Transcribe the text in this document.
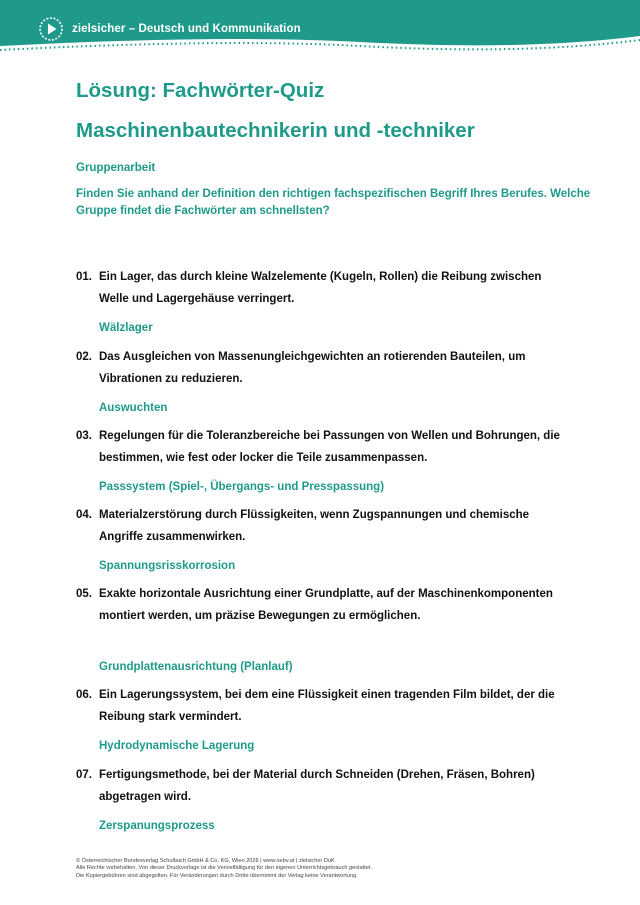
zielsicher – Deutsch und Kommunikation
Lösung: Fachwörter-Quiz
Maschinenbautechnikerin und -techniker

Gruppenarbeit

Finden Sie anhand der Definition den richtigen fachspezifischen Begriff Ihres Berufes. Welche Gruppe findet die Fachwörter am schnellsten?

01. Ein Lager, das durch kleine Walzelemente (Kugeln, Rollen) die Reibung zwischen Welle und Lagergehäuse verringert.

Wälzlager
02. Das Ausgleichen von Massenungleichgewichten an rotierenden Bauteilen, um Vibrationen zu reduzieren.

Auswuchten
03. Regelungen für die Toleranzbereiche bei Passungen von Wellen und Bohrungen, die bestimmen, wie fest oder locker die Teile zusammenpassen.

Passsystem (Spiel-, Übergangs- und Presspassung)
04. Materialzerstörung durch Flüssigkeiten, wenn Zugspannungen und chemische Angriffe zusammenwirken.

Spannungsrisskorrosion
05. Exakte horizontale Ausrichtung einer Grundplatte, auf der Maschinenkomponenten montiert werden, um präzise Bewegungen zu ermöglichen.

Grundplattenausrichtung (Planlauf)
06. Ein Lagerungssystem, bei dem eine Flüssigkeit einen tragenden Film bildet, der die Reibung stark vermindert.

Hydrodynamische Lagerung
07. Fertigungsmethode, bei der Material durch Schneiden (Drehen, Fräsen, Bohren) abgetragen wird.

Zerspanungsprozess
© Österreichischer Bundesverlag Schulbuch GmbH & Co. KG, Wien 2026 | www.oebv.at | zielsicher DuK
Alle Rechte vorbehalten. Von dieser Druckvorlage ist die Vervielfältigung für den eigenen Unterrichtsgebrauch gestattet.
Die Kopiergebühren sind abgegolten. Für Veränderungen durch Dritte übernimmt der Verlag keine Verantwortung.
